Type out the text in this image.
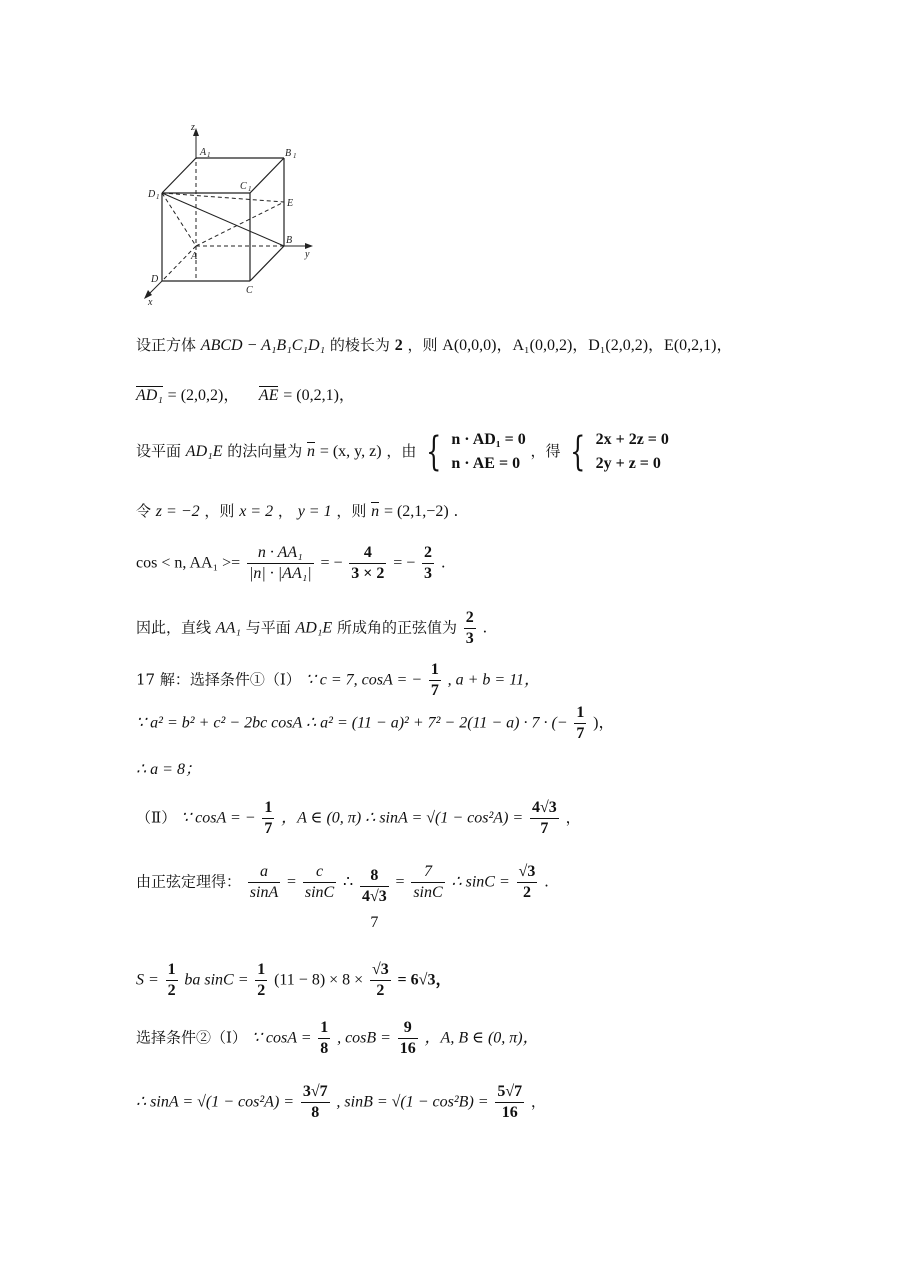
z
A 1	B 1
D 1
C 1
E
A
B
y
D
C
x
设正方体 ABCD − A₁B₁C₁D₁ 的棱长为 2 ，则 A(0,0,0)，A₁(0,0,2)，D₁(2,0,2)，E(0,2,1)，
AD₁ = (2,0,2)， AE = (0,2,1)，
设平面 AD₁E 的法向量为 n = (x, y, z) ，由 { n · AD₁ = 0
n · AE = 0
，得 { 2x + 2z = 0
2y + z = 0
令 z = −2 ，则 x = 2 ， y = 1 ，则 n = (2,1,−2) .
cos < n, $AA_1 >= \frac{\text{n · AA₁}}{\text{|n| · |AA₁|}}$ = − $\frac{4}{3 \times 2}$ = − $\frac{2}{3}$ .
因此，直线 AA₁ 与平面 AD₁E 所成角的正弦值为 $\frac{2}{3}$ .
17 解：选择条件①（Ⅰ） ∵ c = 7, cosA = − $\frac{1}{7}$ , a + b = 11，
∵ a² = b² + c² − 2bc cosA ∴ a² = (11 − a)² + 7² − 2(11 − a) · 7 · (− $\frac{1}{7}$ )，
∴ a = 8；
（Ⅱ） ∵ cosA = − $\frac{1}{7}$ ，A ∈ (0, π) ∴ $\sin A = √(1 - \cos^2A) = \frac{4√3}{7}$ ，
由正弦定理得： $\frac{a}{\sin A} = \frac{c}{\sin C}$ ∴	8
4√3
7
= $\frac{7}{\sin C}$ ∴ $\sin C = \frac{√3}{2}$ .
$S = \frac{1}{2}$ ba $\sin C = \frac{1}{2} (11 - 8) \times 8 \times \frac{√3}{2} = 6√3$，
选择条件②（Ⅰ） ∵ $\cos A = \frac{1}{8}$ , $\cos B = \frac{9}{16}$ ，A, B ∈ (0, π)，
∴ $\sin A = √(1 - \cos^2A) = \frac{3√7}{8}$ , $\sin B = √(1 - \cos^2B) = \frac{5√7}{16}$ ，
